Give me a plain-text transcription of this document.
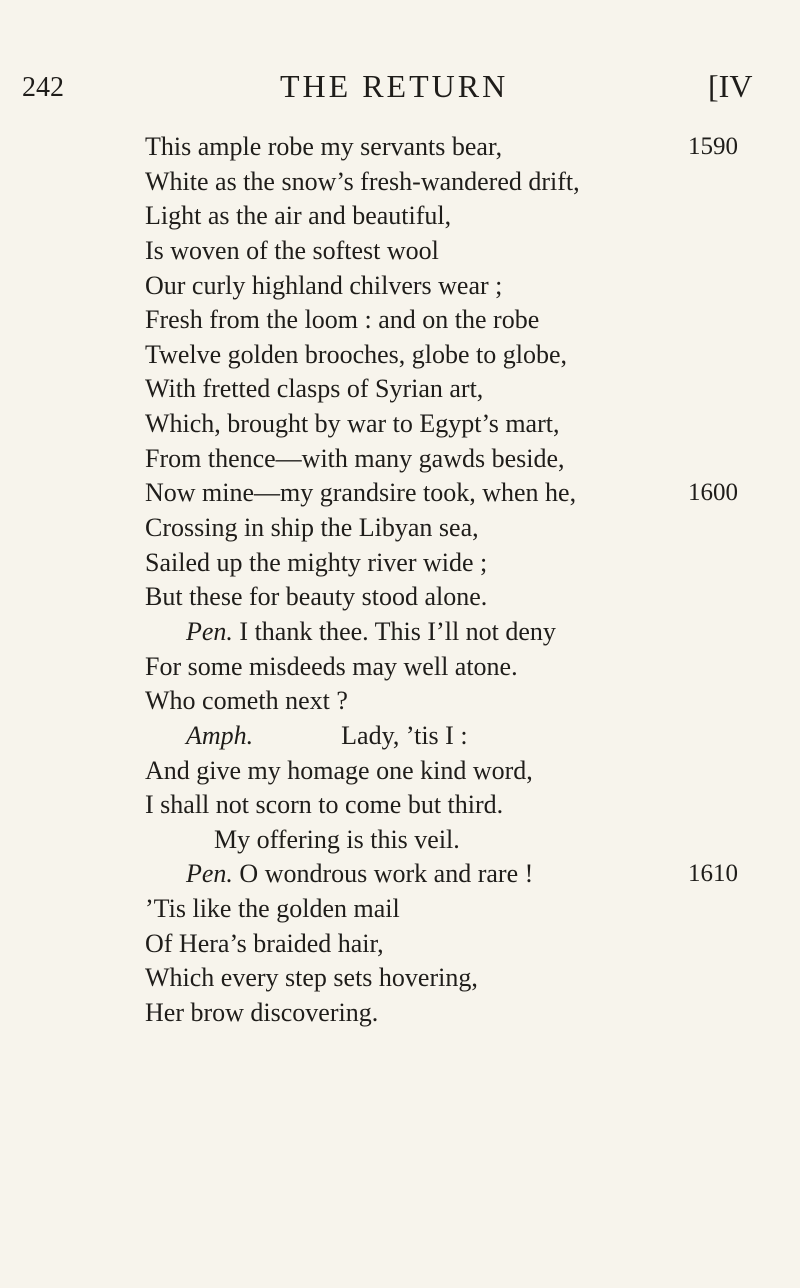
242	THE RETURN	[IV
This ample robe my servants bear,	1590
White as the snow’s fresh-wandered drift,
Light as the air and beautiful,
Is woven of the softest wool
Our curly highland chilvers wear ;
Fresh from the loom : and on the robe
Twelve golden brooches, globe to globe,
With fretted clasps of Syrian art,
Which, brought by war to Egypt’s mart,
From thence—with many gawds beside,
Now mine—my grandsire took, when he,	1600
Crossing in ship the Libyan sea,
Sailed up the mighty river wide ;
But these for beauty stood alone.
Pen. I thank thee. This I’ll not deny
For some misdeeds may well atone.
Who cometh next ?
Amph.	Lady, ’tis I :
And give my homage one kind word,
I shall not scorn to come but third.
My offering is this veil.
Pen. O wondrous work and rare !	1610
’Tis like the golden mail
Of Hera’s braided hair,
Which every step sets hovering,
Her brow discovering.
